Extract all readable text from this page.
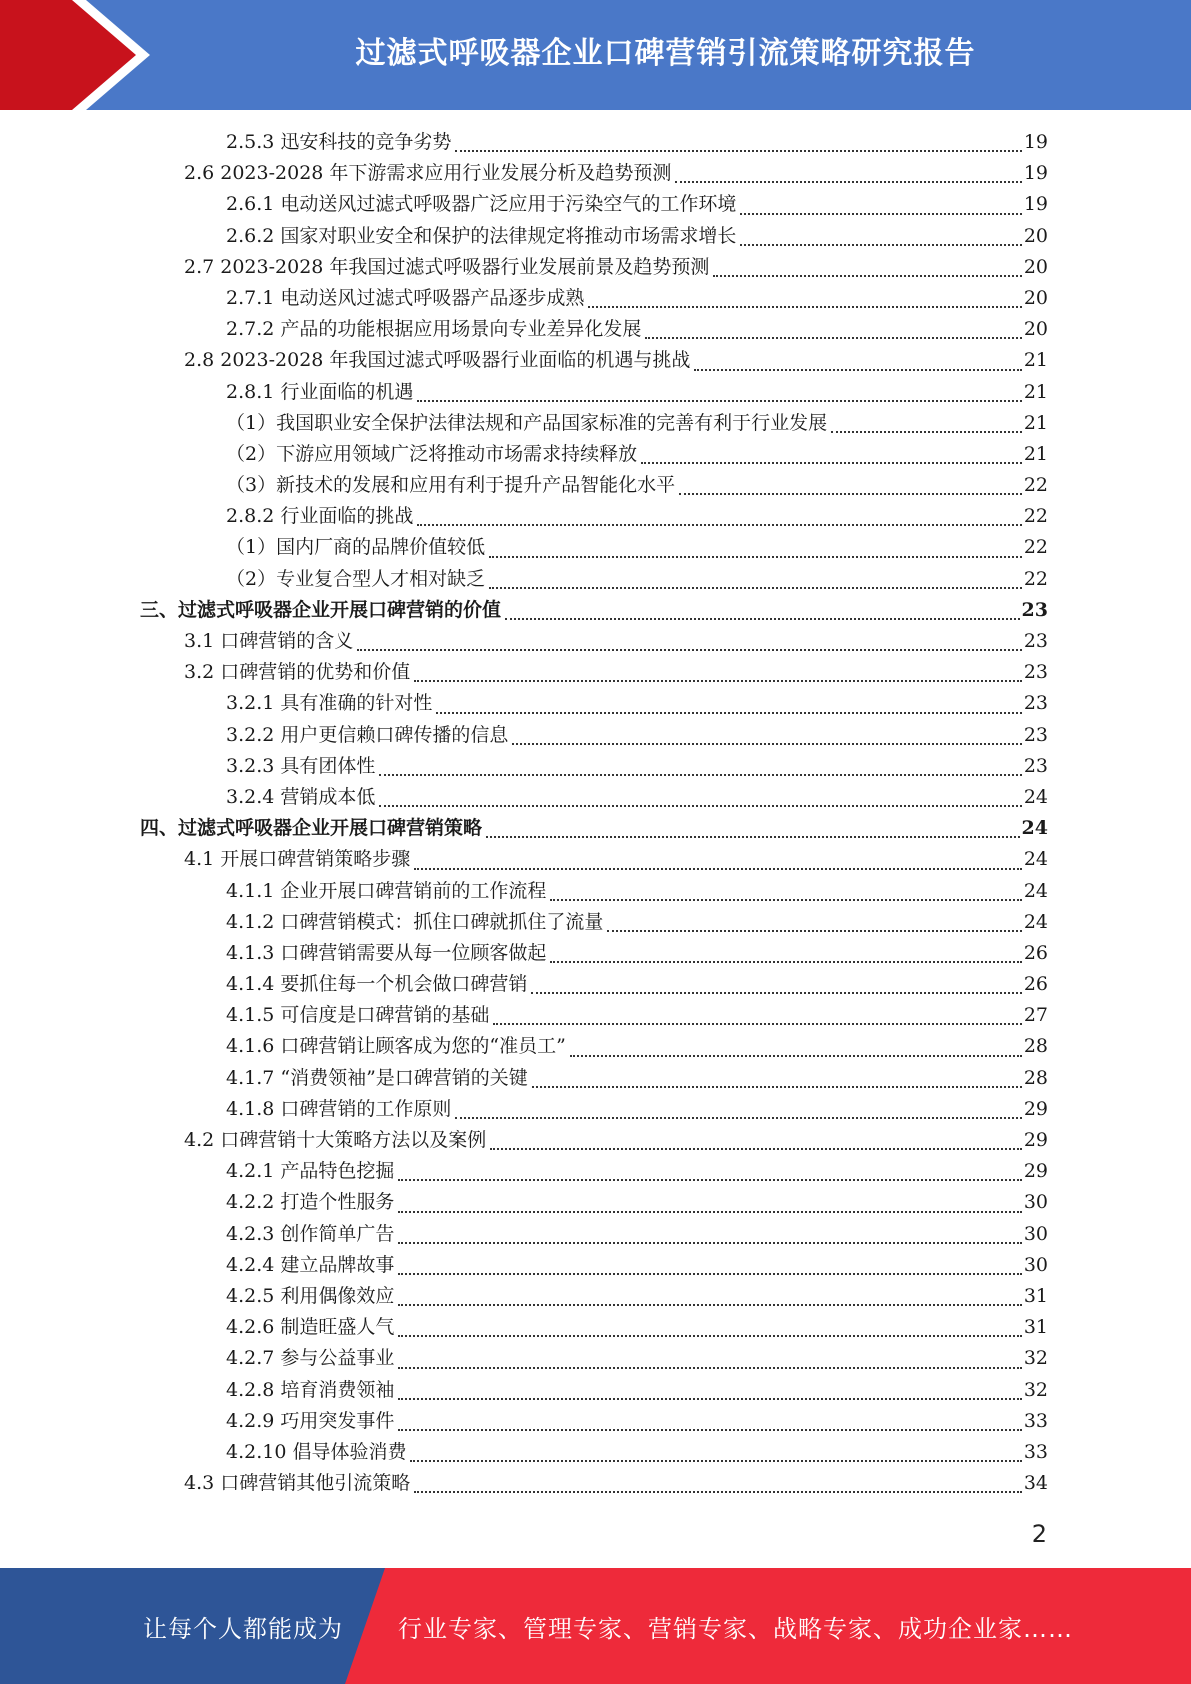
过滤式呼吸器企业口碑营销引流策略研究报告
2.5.3 迅安科技的竞争劣势	19
2.6 2023-2028 年下游需求应用行业发展分析及趋势预测	19
2.6.1 电动送风过滤式呼吸器广泛应用于污染空气的工作环境	19
2.6.2 国家对职业安全和保护的法律规定将推动市场需求增长	20
2.7 2023-2028 年我国过滤式呼吸器行业发展前景及趋势预测	20
2.7.1 电动送风过滤式呼吸器产品逐步成熟	20
2.7.2 产品的功能根据应用场景向专业差异化发展	20
2.8 2023-2028 年我国过滤式呼吸器行业面临的机遇与挑战	21
2.8.1 行业面临的机遇	21
（1）我国职业安全保护法律法规和产品国家标准的完善有利于行业发展	21
（2）下游应用领域广泛将推动市场需求持续释放	21
（3）新技术的发展和应用有利于提升产品智能化水平	22
2.8.2 行业面临的挑战	22
（1）国内厂商的品牌价值较低	22
（2）专业复合型人才相对缺乏	22
三、过滤式呼吸器企业开展口碑营销的价值	23
3.1 口碑营销的含义	23
3.2 口碑营销的优势和价值	23
3.2.1 具有准确的针对性	23
3.2.2 用户更信赖口碑传播的信息	23
3.2.3 具有团体性	23
3.2.4 营销成本低	24
四、过滤式呼吸器企业开展口碑营销策略	24
4.1 开展口碑营销策略步骤	24
4.1.1 企业开展口碑营销前的工作流程	24
4.1.2 口碑营销模式：抓住口碑就抓住了流量	24
4.1.3 口碑营销需要从每一位顾客做起	26
4.1.4 要抓住每一个机会做口碑营销	26
4.1.5 可信度是口碑营销的基础	27
4.1.6 口碑营销让顾客成为您的“准员工”	28
4.1.7 “消费领袖”是口碑营销的关键	28
4.1.8 口碑营销的工作原则	29
4.2 口碑营销十大策略方法以及案例	29
4.2.1 产品特色挖掘	29
4.2.2 打造个性服务	30
4.2.3 创作简单广告	30
4.2.4 建立品牌故事	30
4.2.5 利用偶像效应	31
4.2.6 制造旺盛人气	31
4.2.7 参与公益事业	32
4.2.8 培育消费领袖	32
4.2.9 巧用突发事件	33
4.2.10 倡导体验消费	33
4.3 口碑营销其他引流策略	34
2
让每个人都能成为 行业专家、管理专家、营销专家、战略专家、成功企业家……
